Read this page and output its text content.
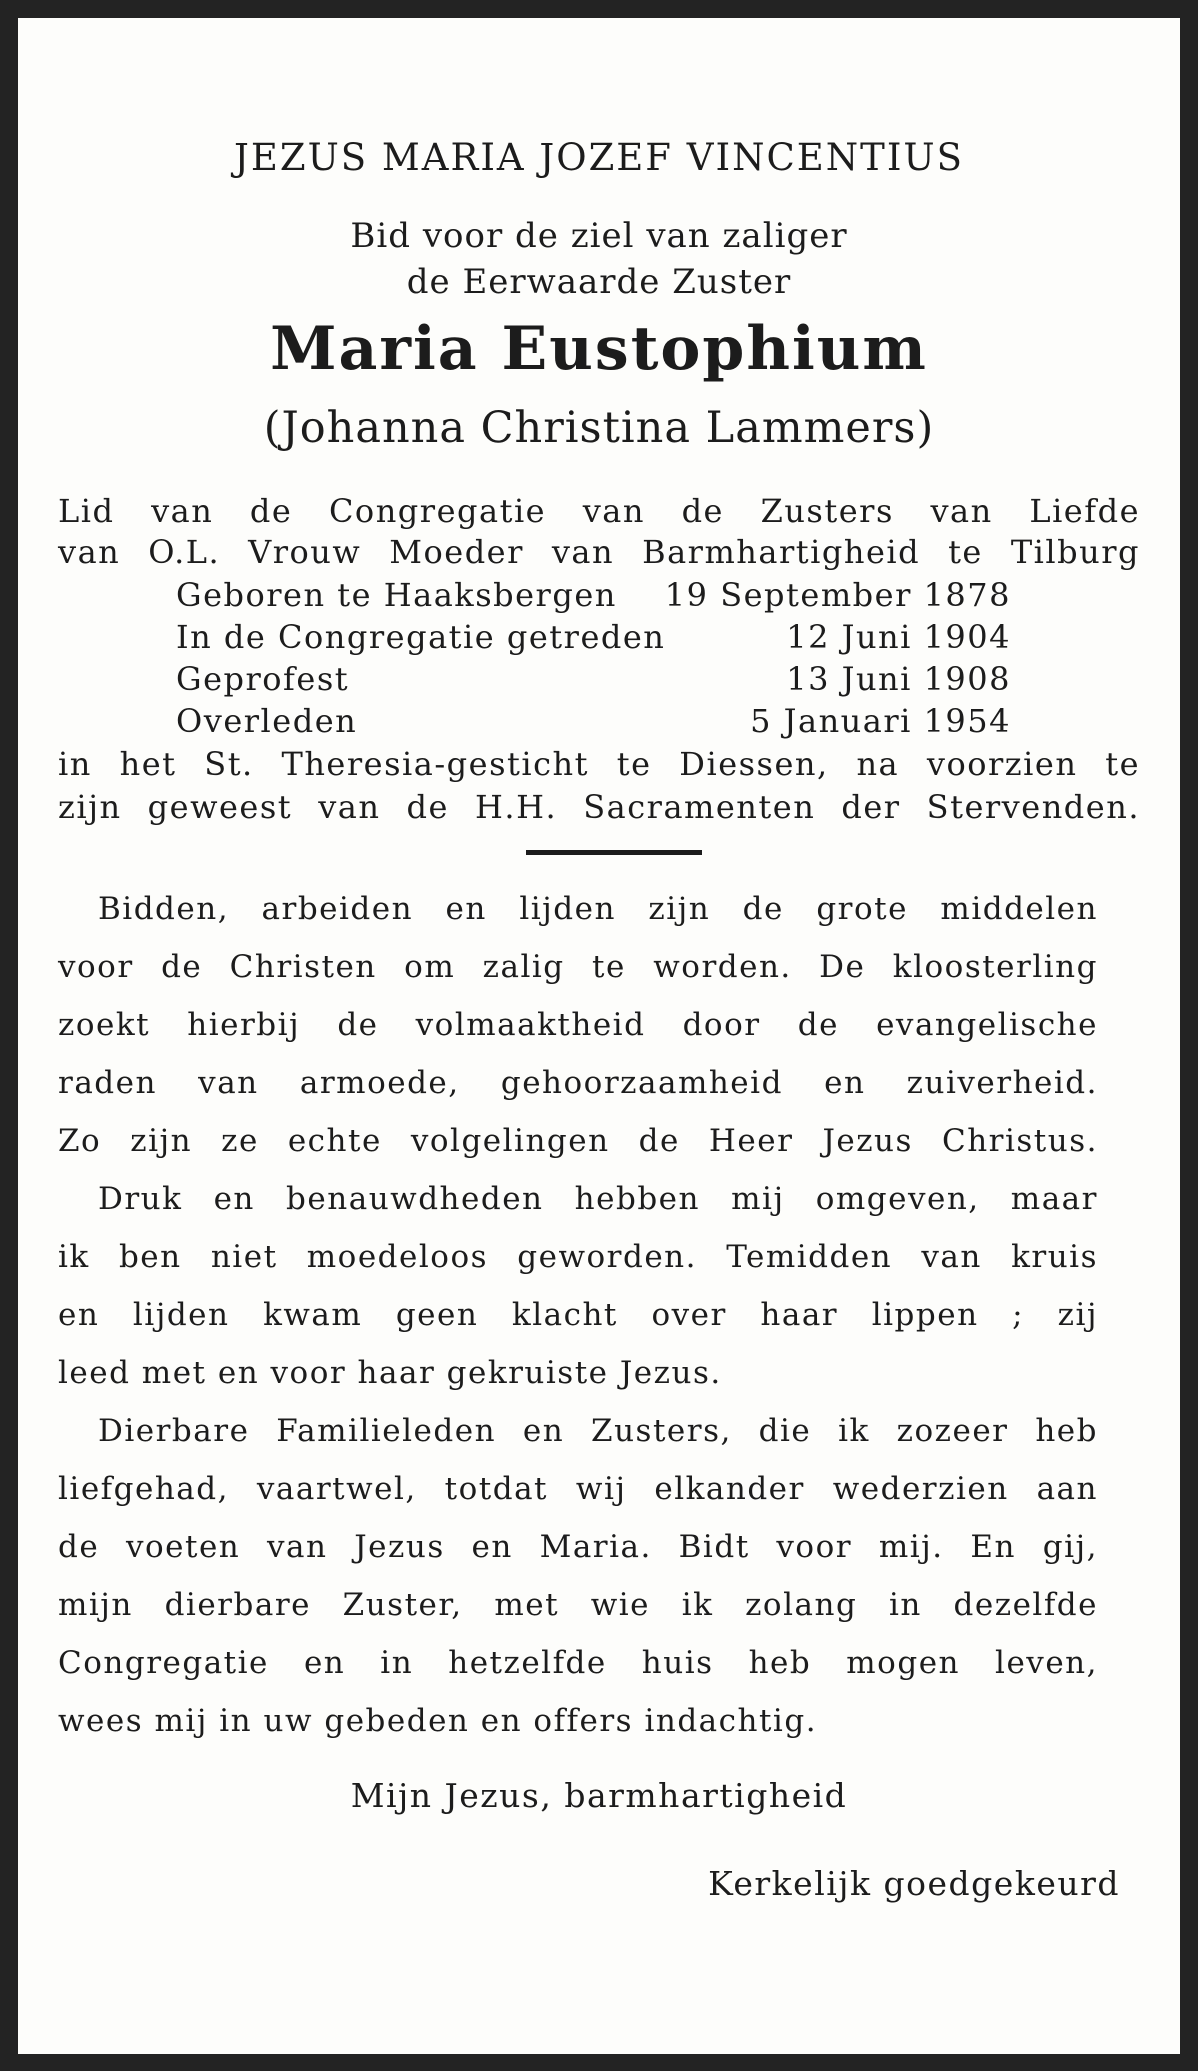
JEZUS MARIA JOZEF VINCENTIUS
Bid voor de ziel van zaliger
de Eerwaarde Zuster
Maria Eustophium
(Johanna Christina Lammers)
Lid van de Congregatie van de Zusters van Liefde
van O.L. Vrouw Moeder van Barmhartigheid te Tilburg
Geboren te Haaksbergen	19 September 1878
In de Congregatie getreden	12 Juni 1904
Geprofest	13 Juni 1908
Overleden	5 Januari 1954
in het St. Theresia-gesticht te Diessen, na voorzien te
zijn geweest van de H.H. Sacramenten der Stervenden.
Bidden, arbeiden en lijden zijn de grote middelen
voor de Christen om zalig te worden. De kloosterling
zoekt hierbij de volmaaktheid door de evangelische
raden van armoede, gehoorzaamheid en zuiverheid.
Zo zijn ze echte volgelingen de Heer Jezus Christus.
Druk en benauwdheden hebben mij omgeven, maar
ik ben niet moedeloos geworden. Temidden van kruis
en lijden kwam geen klacht over haar lippen ; zij
leed met en voor haar gekruiste Jezus.
Dierbare Familieleden en Zusters, die ik zozeer heb
liefgehad, vaartwel, totdat wij elkander wederzien aan
de voeten van Jezus en Maria. Bidt voor mij. En gij,
mijn dierbare Zuster, met wie ik zolang in dezelfde
Congregatie en in hetzelfde huis heb mogen leven,
wees mij in uw gebeden en offers indachtig.
Mijn Jezus, barmhartigheid
Kerkelijk goedgekeurd
